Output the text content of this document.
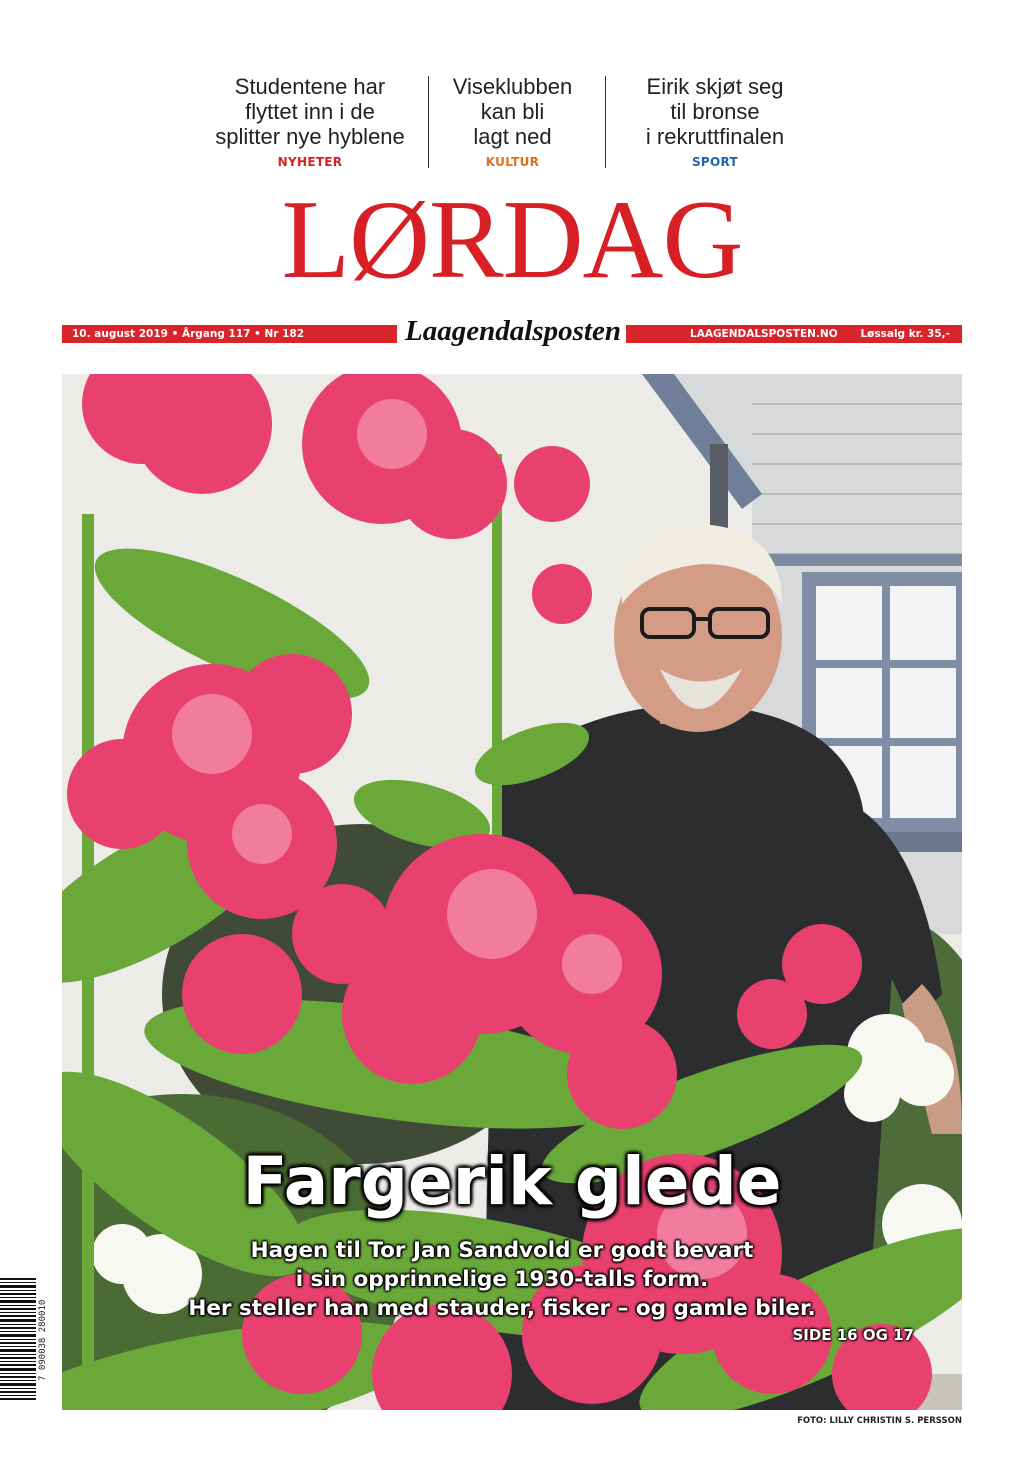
Studentene har
flyttet inn i de
splitter nye hyblene
NYHETER
Viseklubben
kan bli
lagt ned
KULTUR
Eirik skjøt seg
til bronse
i rekruttfinalen
SPORT
LØRDAG
10. august 2019 • Årgang 117 • Nr 182	Laagendalsposten	LAAGENDALSPOSTEN.NO Løssalg kr. 35,-
Fargerik glede
Hagen til Tor Jan Sandvold er godt bevart
i sin opprinnelige 1930-talls form.
Her steller han med stauder, fisker – og gamle biler.
SIDE 16 OG 17
FOTO: LILLY CHRISTIN S. PERSSON
7 090038 280010
